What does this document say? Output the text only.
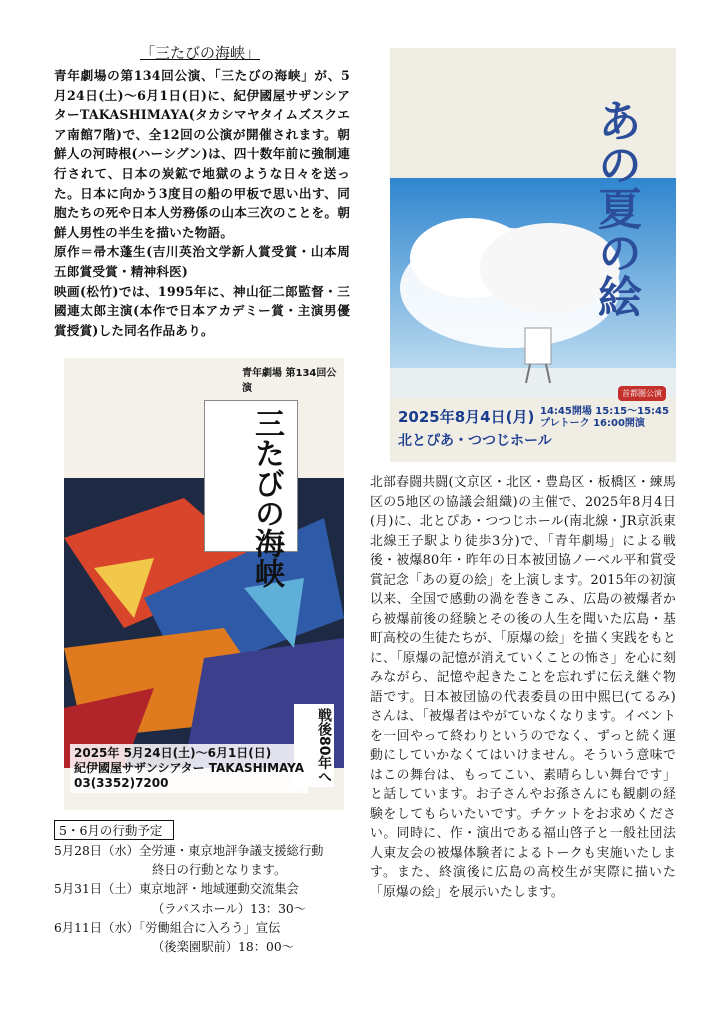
「三たびの海峡」
青年劇場の第134回公演、「三たびの海峡」が、5月24日(土)〜6月1日(日)に、紀伊國屋サザンシアターTAKASHIMAYA(タカシマヤタイムズスクエア南館7階)で、全12回の公演が開催されます。朝鮮人の河時根(ハーシグン)は、四十数年前に強制連行されて、日本の炭鉱で地獄のような日々を送った。日本に向かう3度目の船の甲板で思い出す、同胞たちの死や日本人労務係の山本三次のことを。朝鮮人男性の半生を描いた物語。
原作＝帚木蓬生(吉川英治文学新人賞受賞・山本周五郎賞受賞・精神科医)
映画(松竹)では、1995年に、神山征二郎監督・三國連太郎主演(本作で日本アカデミー賞・主演男優賞授賞)した同名作品あり。
青年劇場 第134回公演
三たびの海峡
戦後80年へ
2025年 5月24日(土)〜6月1日(日)
紀伊國屋サザンシアター TAKASHIMAYA
03(3352)7200
あの夏の絵
首都圏公演
2025年8月4日(月)
北とぴあ・つつじホール
14:45開場 15:15〜15:45 プレトーク 16:00開演
北部春闘共闘(文京区・北区・豊島区・板橋区・練馬区の5地区の協議会組織)の主催で、2025年8月4日(月)に、北とぴあ・つつじホール(南北線・JR京浜東北線王子駅より徒歩3分)で、「青年劇場」による戦後・被爆80年・昨年の日本被団協ノーベル平和賞受賞記念「あの夏の絵」を上演します。2015年の初演以来、全国で感動の渦を巻きこみ、広島の被爆者から被爆前後の経験とその後の人生を聞いた広島・基町高校の生徒たちが、「原爆の絵」を描く実践をもとに、「原爆の記憶が消えていくことの怖さ」を心に刻みながら、記憶や起きたことを忘れずに伝え継ぐ物語です。日本被団協の代表委員の田中熙巳(てるみ)さんは、「被爆者はやがていなくなります。イベントを一回やって終わりというのでなく、ずっと続く運動にしていかなくてはいけません。そういう意味ではこの舞台は、もってこい、素晴らしい舞台です」と話しています。お子さんやお孫さんにも観劇の経験をしてもらいたいです。チケットをお求めください。同時に、作・演出である福山啓子と一般社団法人東友会の被爆体験者によるトークも実施いたします。また、終演後に広島の高校生が実際に描いた「原爆の絵」を展示いたします。
5・6月の行動予定
5月28日（水）全労連・東京地評争議支援総行動
終日の行動となります。
5月31日（土）東京地評・地域運動交流集会
（ラパスホール）13：30〜
6月11日（水）「労働組合に入ろう」宣伝
（後楽園駅前）18：00〜
